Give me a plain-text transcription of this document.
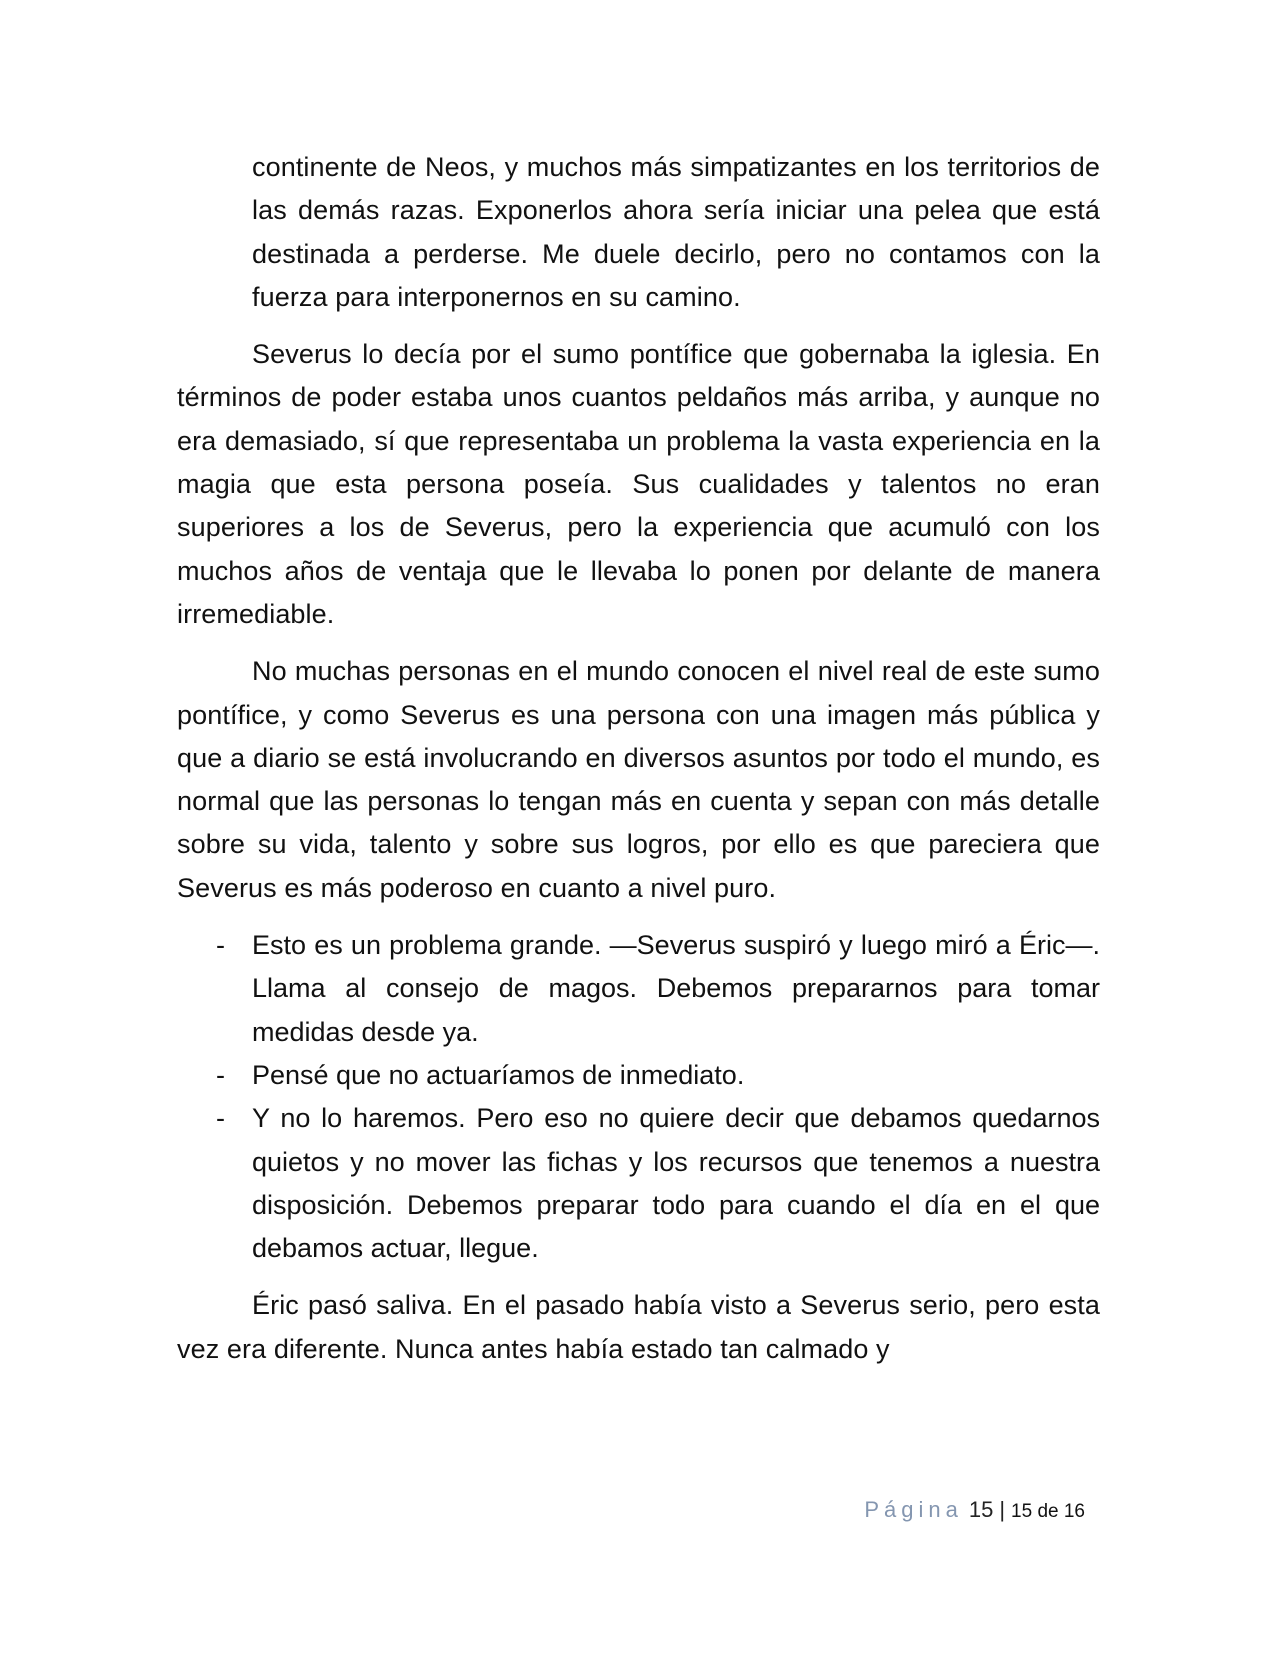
continente de Neos, y muchos más simpatizantes en los territorios de las demás razas. Exponerlos ahora sería iniciar una pelea que está destinada a perderse. Me duele decirlo, pero no contamos con la fuerza para interponernos en su camino.

Severus lo decía por el sumo pontífice que gobernaba la iglesia. En términos de poder estaba unos cuantos peldaños más arriba, y aunque no era demasiado, sí que representaba un problema la vasta experiencia en la magia que esta persona poseía. Sus cualidades y talentos no eran superiores a los de Severus, pero la experiencia que acumuló con los muchos años de ventaja que le llevaba lo ponen por delante de manera irremediable.

No muchas personas en el mundo conocen el nivel real de este sumo pontífice, y como Severus es una persona con una imagen más pública y que a diario se está involucrando en diversos asuntos por todo el mundo, es normal que las personas lo tengan más en cuenta y sepan con más detalle sobre su vida, talento y sobre sus logros, por ello es que pareciera que Severus es más poderoso en cuanto a nivel puro.

- Esto es un problema grande. —Severus suspiró y luego miró a Éric—. Llama al consejo de magos. Debemos prepararnos para tomar medidas desde ya.
- Pensé que no actuaríamos de inmediato.
- Y no lo haremos. Pero eso no quiere decir que debamos quedarnos quietos y no mover las fichas y los recursos que tenemos a nuestra disposición. Debemos preparar todo para cuando el día en el que debamos actuar, llegue.

Éric pasó saliva. En el pasado había visto a Severus serio, pero esta vez era diferente. Nunca antes había estado tan calmado y

Página 15 | 15 de 16
